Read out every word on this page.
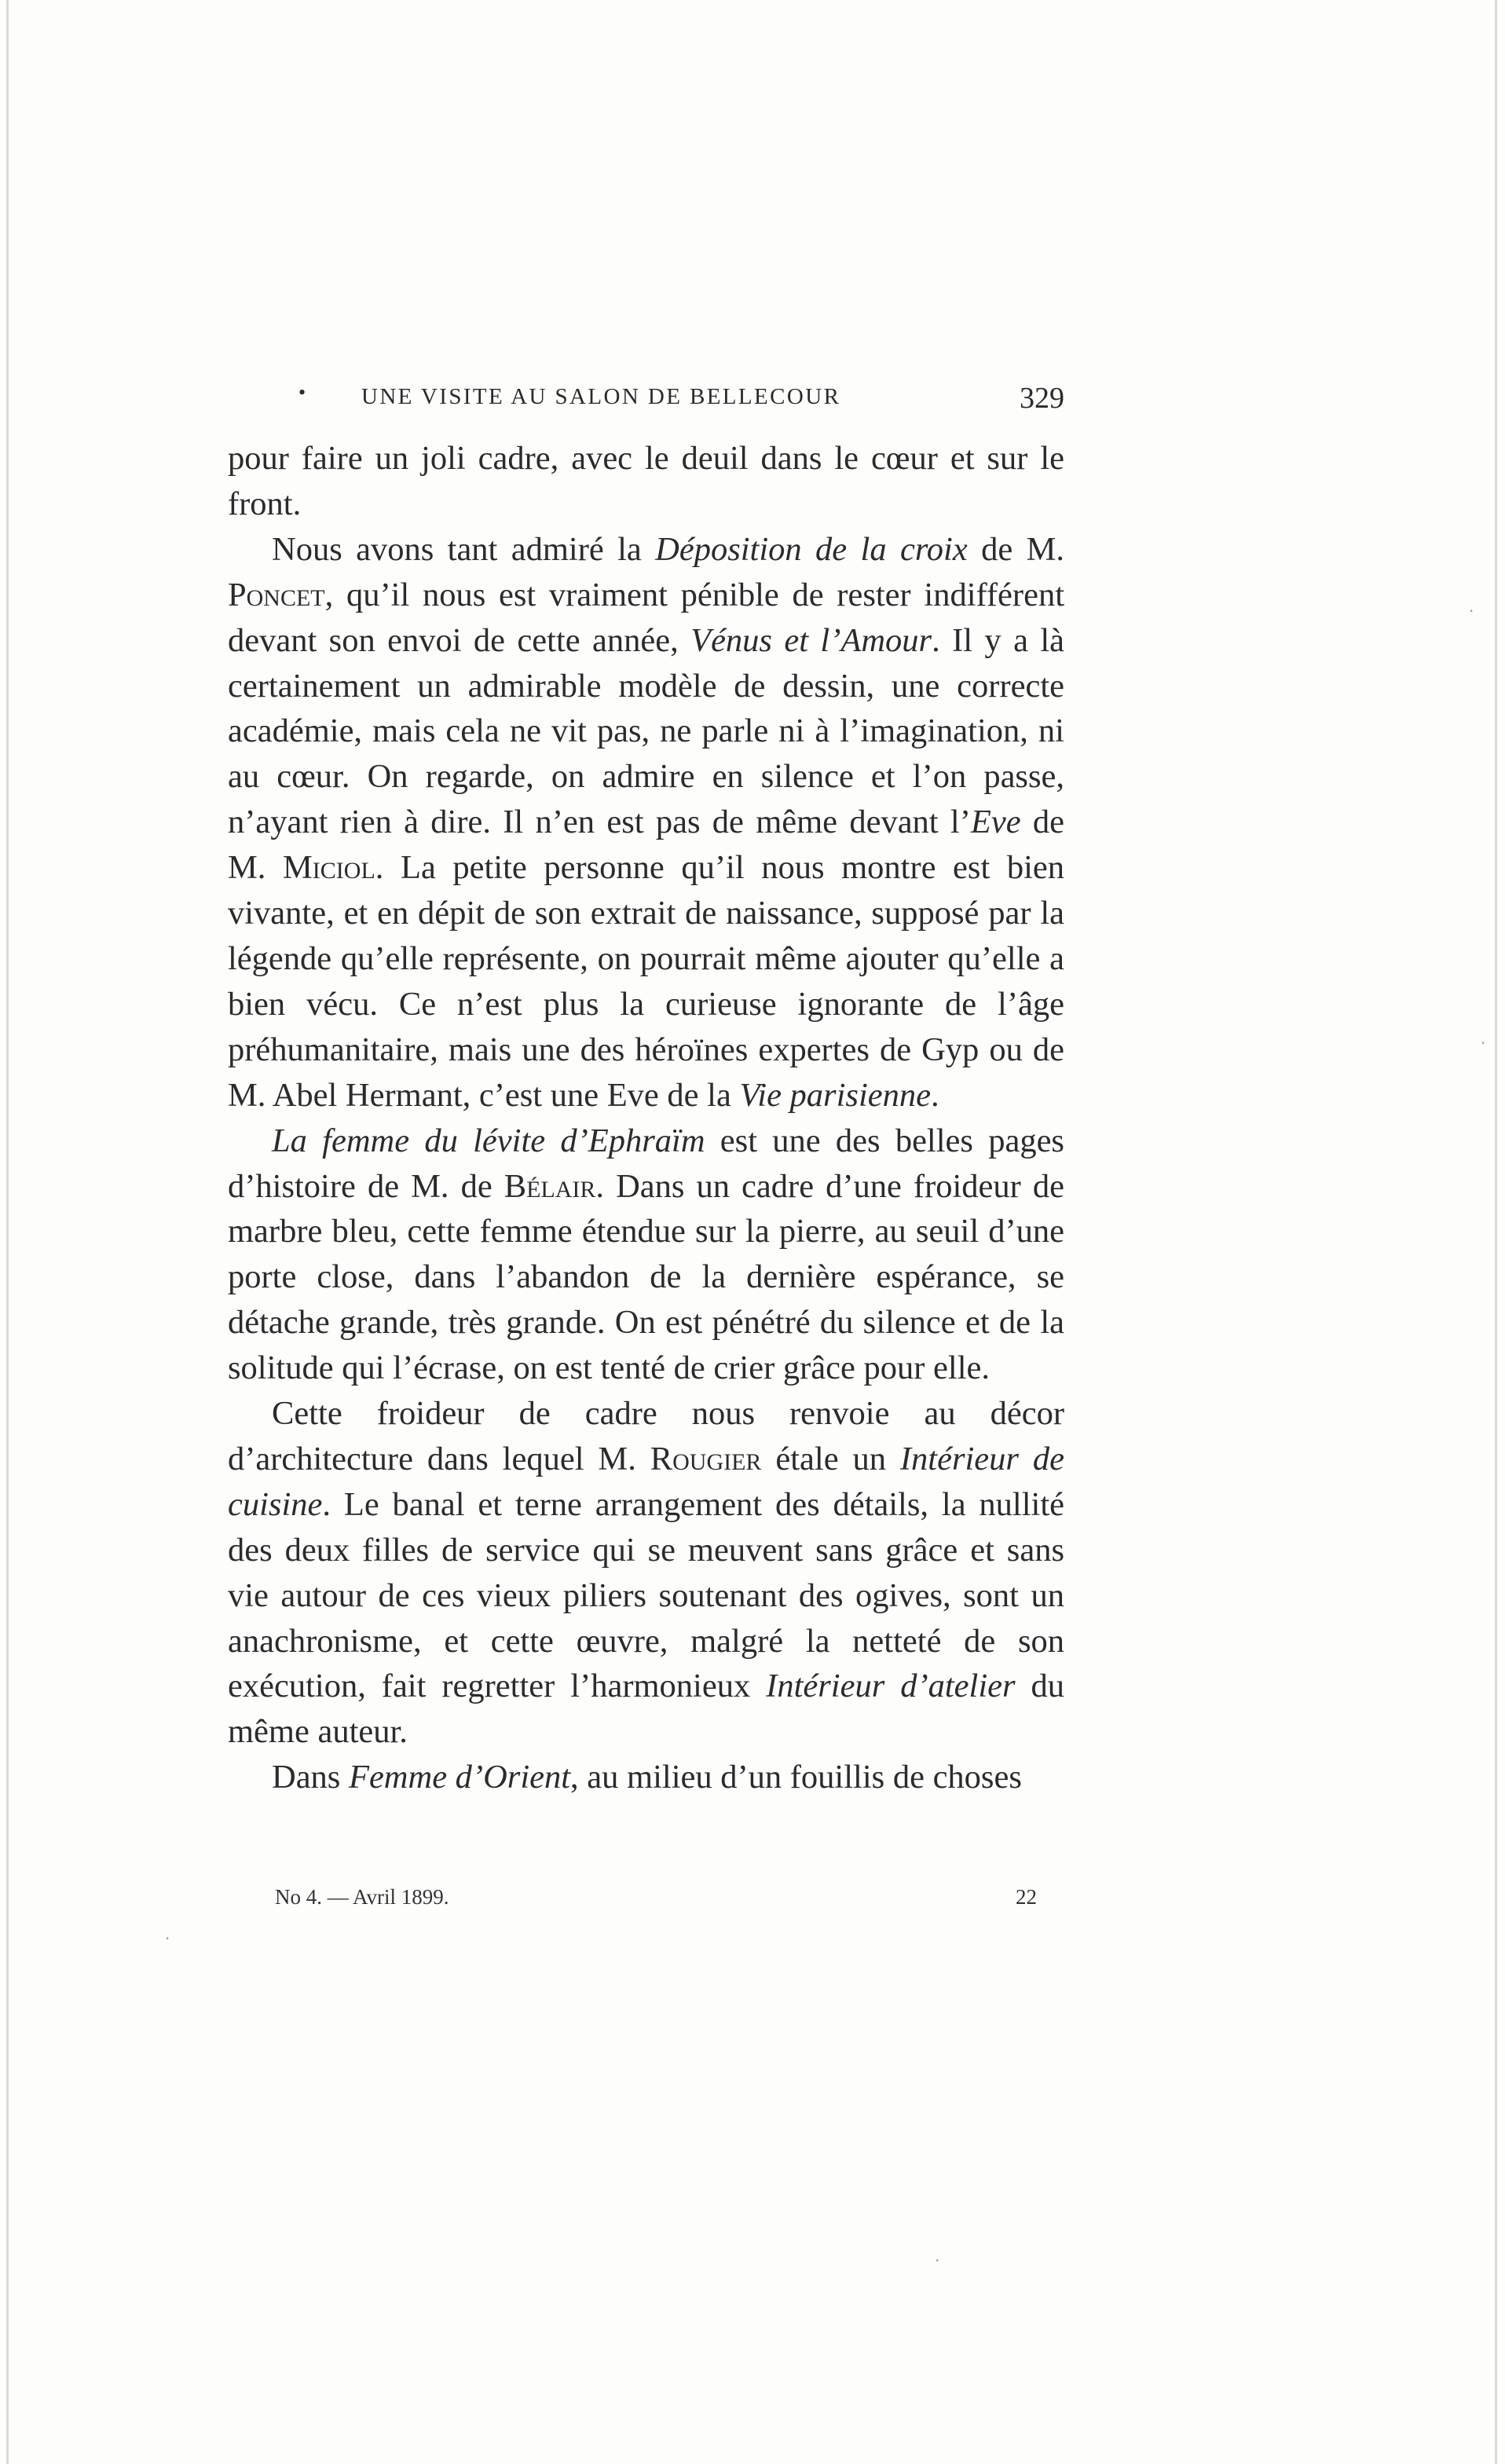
• UNE VISITE AU SALON DE BELLECOUR	329

pour faire un joli cadre, avec le deuil dans le cœur et sur le front.

Nous avons tant admiré la Déposition de la croix de M. Poncet, qu’il nous est vraiment pénible de rester indifférent devant son envoi de cette année, Vénus et l’Amour. Il y a là certainement un admirable modèle de dessin, une correcte académie, mais cela ne vit pas, ne parle ni à l’imagination, ni au cœur. On regarde, on admire en silence et l’on passe, n’ayant rien à dire. Il n’en est pas de même devant l’Eve de M. Miciol. La petite personne qu’il nous montre est bien vivante, et en dépit de son extrait de naissance, supposé par la légende qu’elle représente, on pourrait même ajouter qu’elle a bien vécu. Ce n’est plus la curieuse ignorante de l’âge préhumanitaire, mais une des héroïnes expertes de Gyp ou de M. Abel Hermant, c’est une Eve de la Vie parisienne.

La femme du lévite d’Ephraïm est une des belles pages d’histoire de M. de Bélair. Dans un cadre d’une froideur de marbre bleu, cette femme étendue sur la pierre, au seuil d’une porte close, dans l’abandon de la dernière espérance, se détache grande, très grande. On est pénétré du silence et de la solitude qui l’écrase, on est tenté de crier grâce pour elle.

Cette froideur de cadre nous renvoie au décor d’architecture dans lequel M. Rougier étale un Intérieur de cuisine. Le banal et terne arrangement des détails, la nullité des deux filles de service qui se meuvent sans grâce et sans vie autour de ces vieux piliers soutenant des ogives, sont un anachronisme, et cette œuvre, malgré la netteté de son exécution, fait regretter l’harmonieux Intérieur d’atelier du même auteur.

Dans Femme d’Orient, au milieu d’un fouillis de choses

No 4. — Avril 1899.	22
.
.
.
.
